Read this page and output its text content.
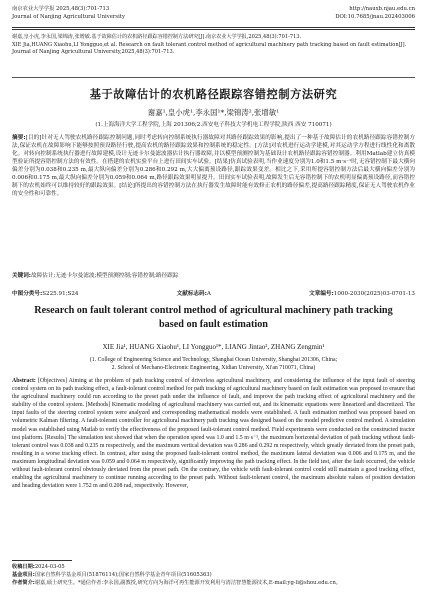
南京农业大学学报 2025,48(3):701-713
Journal of Nanjing Agricultural University
http://nauxb.njau.edu.cn
DOI:10.7685/jnau.202403006
谢嘉,皇小虎,李永国,梁锦涛,张增敏.基于故障估计的农机路径跟踪容错控制方法研究[J].南京农业大学学报,2025,48(3):701-713.
XIE Jia,HUANG Xiaohu,LI Yongguo,et al. Research on fault tolerant control method of agricultural machinery path tracking based on fault estimation[J]. Journal of Nanjing Agricultural University,2025,48(3):701-713.
基于故障估计的农机路径跟踪容错控制方法研究
谢嘉¹,皇小虎¹,李永国¹*,梁锦涛²,张增敏¹
(1.上海海洋大学工程学院,上海 201306;2.西安电子科技大学机电工程学院,陕西 西安 710071)
摘要:[目的]针对无人驾驶农机路径跟踪控制问题,同时考虑转向控制系统执行器故障对其路径跟踪效果的影响,提出了一种基于故障估计的农机路径跟踪容错控制方法,保证农机在故障影响下能够按照预设路径行驶,提高农机的路径跟踪效果和控制系统的稳定性。[方法]对农机进行运动学建模,对其运动学方程进行线性化和离散化。对转向控制系统执行器进行故障建模,设计无迹卡尔曼滤波器估计执行器故障,并以模型预测控制为基础设计农机路径跟踪容错控制器。利用Matlab建立仿真模型验证所提容错控制方法的有效性。在搭建的农机实验平台上进行田间实车试验。[结果]仿真试验表明,当作业速度分别为1.0和1.5 m·s⁻¹时,无容错控制下最大横向偏差分别为0.038和0.235 m,最大纵向偏差分别为0.286和0.292 m,大大偏离预设路径,跟踪效果变差。相比之下,采用所提容错控制方法后最大横向偏差分别为0.006和0.175 m,最大纵向偏差分别为0.059和0.064 m,路径跟踪效果明显提升。田间实车试验表明,故障发生后无容错控制下的农机明显偏离预设路径,而容错控制下的农机始终可以维持较好的跟踪效果。[结论]所提出的容错控制方法在执行器发生故障时能有效修正农机的路径偏差,提高路径跟踪精度,保证无人驾驶农机作业的安全性和可靠性。
关键词:故障估计;无迹卡尔曼滤波;模型预测控制;容错控制;路径跟踪
中图分类号:S225.91;S24	文献标志码:A	文章编号:1000-2030(2025)03-0701-13
Research on fault tolerant control method of agricultural machinery path tracking based on fault estimation
XIE Jia¹, HUANG Xiaohu¹, LI Yongguo¹*, LIANG Jintao², ZHANG Zengmin¹
(1. College of Engineering Science and Technology, Shanghai Ocean University, Shanghai 201306, China;
2. School of Mechano-Electronic Engineering, Xidian University, Xi'an 710071, China)
Abstract: [Objectives] Aiming at the problem of path tracking control of driverless agricultural machinery, and considering the influence of the input fault of steering control system on its path tracking effect, a fault-tolerant control method for path tracking of agricultural machinery based on fault estimation was proposed to ensure that the agricultural machinery could run according to the preset path under the influence of fault, and improve the path tracking effect of agricultural machinery and the stability of the control system. [Methods] Kinematic modeling of agricultural machinery was carried out, and its kinematic equations were linearized and discretized. The input faults of the steering control system were analyzed and corresponding mathematical models were established. A fault estimation method was proposed based on volumetric Kalman filtering. A fault-tolerant controller for agricultural machinery path tracking was designed based on the model predictive control method. A simulation model was established using Matlab to verify the effectiveness of the proposed fault-tolerant control method. Field experiments were conducted on the constructed tractor test platform. [Results] The simulation test showed that when the operation speed was 1.0 and 1.5 m·s⁻¹, the maximum horizontal deviation of path tracking without fault-tolerant control was 0.038 and 0.235 m respectively, and the maximum vertical deviation was 0.286 and 0.292 m respectively, which greatly deviated from the preset path, resulting in a worse tracking effect. In contrast, after using the proposed fault-tolerant control method, the maximum lateral deviation was 0.006 and 0.175 m, and the maximum longitudinal deviation was 0.059 and 0.064 m respectively, significantly improving the path tracking effect. In the field test, after the fault occurred, the vehicle without fault-tolerant control obviously deviated from the preset path. On the contrary, the vehicle with fault-tolerant control could still maintain a good tracking effect, enabling the agricultural machinery to continue running according to the preset path. Without fault-tolerant control, the maximum absolute values of position deviation and heading deviation were 1.752 m and 0.208 rad, respectively. However,
收稿日期:2024-03-05
基金项目:国家自然科学基金项目(51876114);国家自然科学基金青年项目(51605363)
作者简介:谢嘉,硕士研究生。*通信作者:李永国,副教授,研究方向为海洋可再生能源开发利用与清洁智慧能源技术,E-mail:yg-li@shou.edu.cn。
